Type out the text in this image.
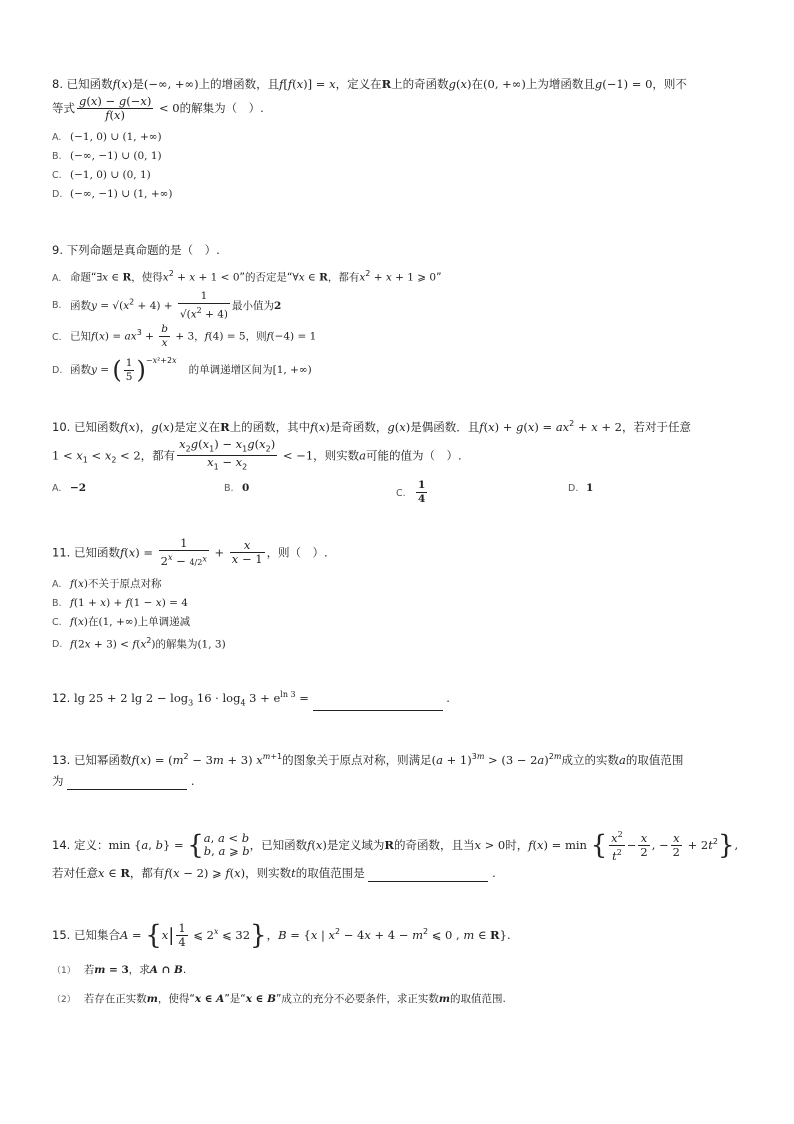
8. 已知函数f(x)是(−∞, +∞)上的增函数，且f[f(x)] = x，定义在R上的奇函数g(x)在(0, +∞)上为增函数且g(−1) = 0，则不
等式 $\frac{g(x) - g(-x)}{f(x)} < 0$的解集为（　）.
A. (−1, 0) ∪ (1, +∞)
B. (−∞, −1) ∪ (0, 1)
C. (−1, 0) ∪ (0, 1)
D. (−∞, −1) ∪ (1, +∞)
9. 下列命题是真命题的是（　）.
A. 命题“∃x ∈ R，使得$x^2 + x + 1 < 0$”的否定是“∀x ∈ R，都有$x^2 + x + 1$ ⩾ 0”
B. 函数$y = √(x^2 + 4) + \frac{1}{√(x^2 + 4)}$ 最小值为2
C. 已知$f(x) = ax^3 + \frac{b}{x} + 3$，f(4) = 5，则f(−4) = 1
D. 函数y = ( $\frac{1}{5} )^{-x^2+2x}$的单调递增区间为[1, +∞)
10. 已知函数f(x)，g(x)是定义在R上的函数，其中f(x)是奇函数，g(x)是偶函数．且$f(x) + g(x) = ax^2 + x + 2$，若对于任意
$1 < x_1 < x_2 < 2$，都有 $\frac{x_2g(x_1) - x_1g(x_2)}{x_1 - x_2} < -1$，则实数a可能的值为（　）.
A. −2	B. 0	C. $\frac{1}{4}$	D. 1
11. 已知函数$f(x) = \frac{1}{2^x - 4/2^x} + \frac{x}{x - 1}$ ，则（　）.
A. f(x)不关于原点对称
B. f(1 + x) + f(1 − x) = 4
C. f(x)在(1, +∞)上单调递减
D. $f(2x + 3) < f(x^2)$的解集为(1, 3)
12. lg 25 + 2 $\lg 2 - \log_3 16 \cdot \log_4 3 + e^{ln 3}$ =	.
13. 已知幂函数$f(x) = (m^2 - 3m + 3)$ $x^{m+1}$的图象关于原点对称，则满足$(a + 1)^{3m} > (3 - 2a)^{2m}$成立的实数a的取值范围
为	.
14. 定义：min {a, b} = { a, a < b
b, a ⩾ b ，已知函数f(x)是定义域为R的奇函数，且当x > 0时，f(x) = min { $\frac{x^2}{t^2} - \frac{x}{2}$ , − $\frac{x}{2} + 2t^2$},
若对任意x ∈ R，都有f(x − 2) ⩾ f(x)，则实数t的取值范围是	.
15. 已知集合$A = \{x| \frac{1}{4}$ ⩽ 2$^x$ ⩽ 32}，B = {x | $x^2 - 4x + 4 - m^2$ ⩽ 0 , m ∈ R}.
（1） 若m = 3，求A ∩ B.
（2） 若存在正实数m，使得“x ∈ A”是“x ∈ B”成立的充分不必要条件，求正实数m的取值范围.
